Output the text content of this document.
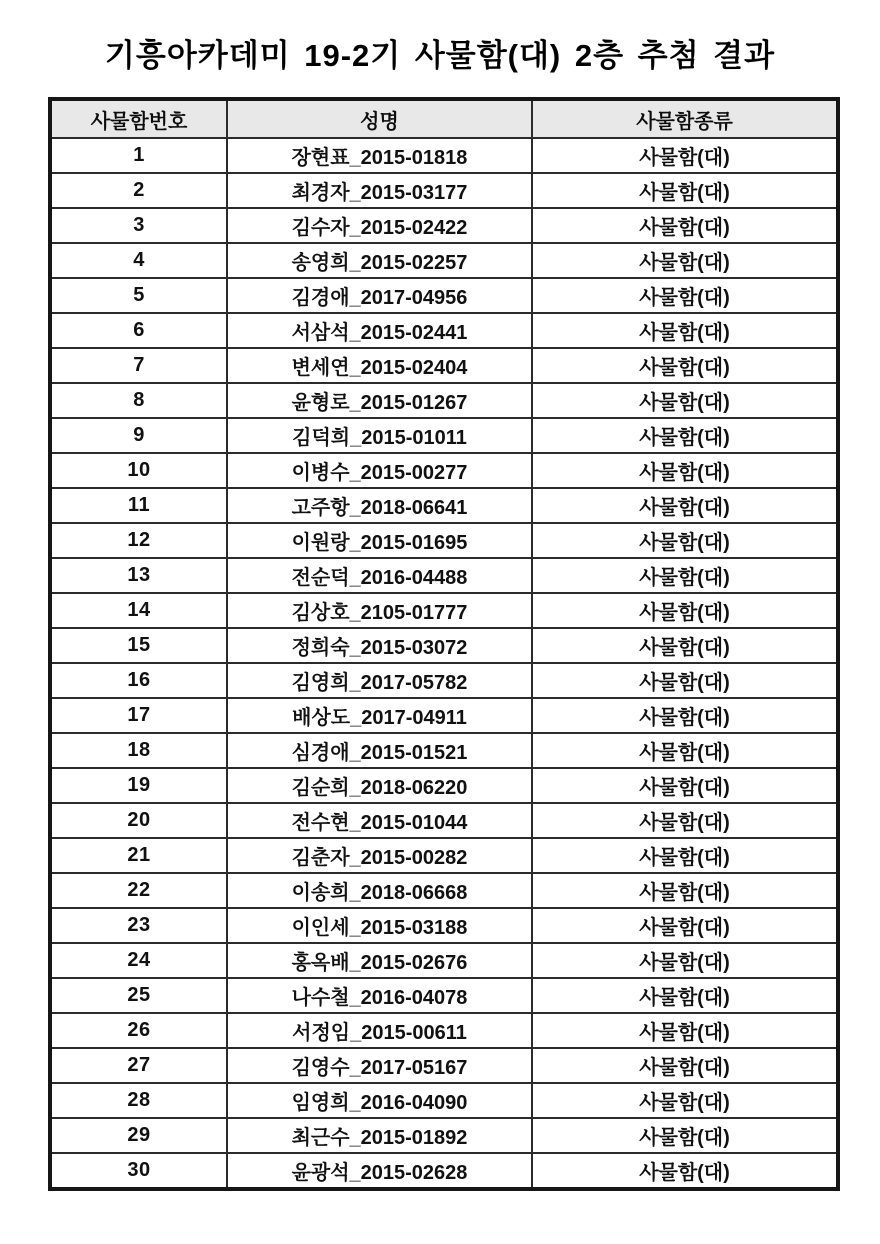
기흥아카데미 19-2기 사물함(대) 2층 추첨 결과
사물함번호	성명	사물함종류
1	장현표_2015-01818	사물함(대)
2	최경자_2015-03177	사물함(대)
3	김수자_2015-02422	사물함(대)
4	송영희_2015-02257	사물함(대)
5	김경애_2017-04956	사물함(대)
6	서삼석_2015-02441	사물함(대)
7	변세연_2015-02404	사물함(대)
8	윤형로_2015-01267	사물함(대)
9	김덕희_2015-01011	사물함(대)
10	이병수_2015-00277	사물함(대)
11	고주항_2018-06641	사물함(대)
12	이원랑_2015-01695	사물함(대)
13	전순덕_2016-04488	사물함(대)
14	김상호_2105-01777	사물함(대)
15	정희숙_2015-03072	사물함(대)
16	김영희_2017-05782	사물함(대)
17	배상도_2017-04911	사물함(대)
18	심경애_2015-01521	사물함(대)
19	김순희_2018-06220	사물함(대)
20	전수현_2015-01044	사물함(대)
21	김춘자_2015-00282	사물함(대)
22	이송희_2018-06668	사물함(대)
23	이인세_2015-03188	사물함(대)
24	홍옥배_2015-02676	사물함(대)
25	나수철_2016-04078	사물함(대)
26	서정임_2015-00611	사물함(대)
27	김영수_2017-05167	사물함(대)
28	임영희_2016-04090	사물함(대)
29	최근수_2015-01892	사물함(대)
30	윤광석_2015-02628	사물함(대)
